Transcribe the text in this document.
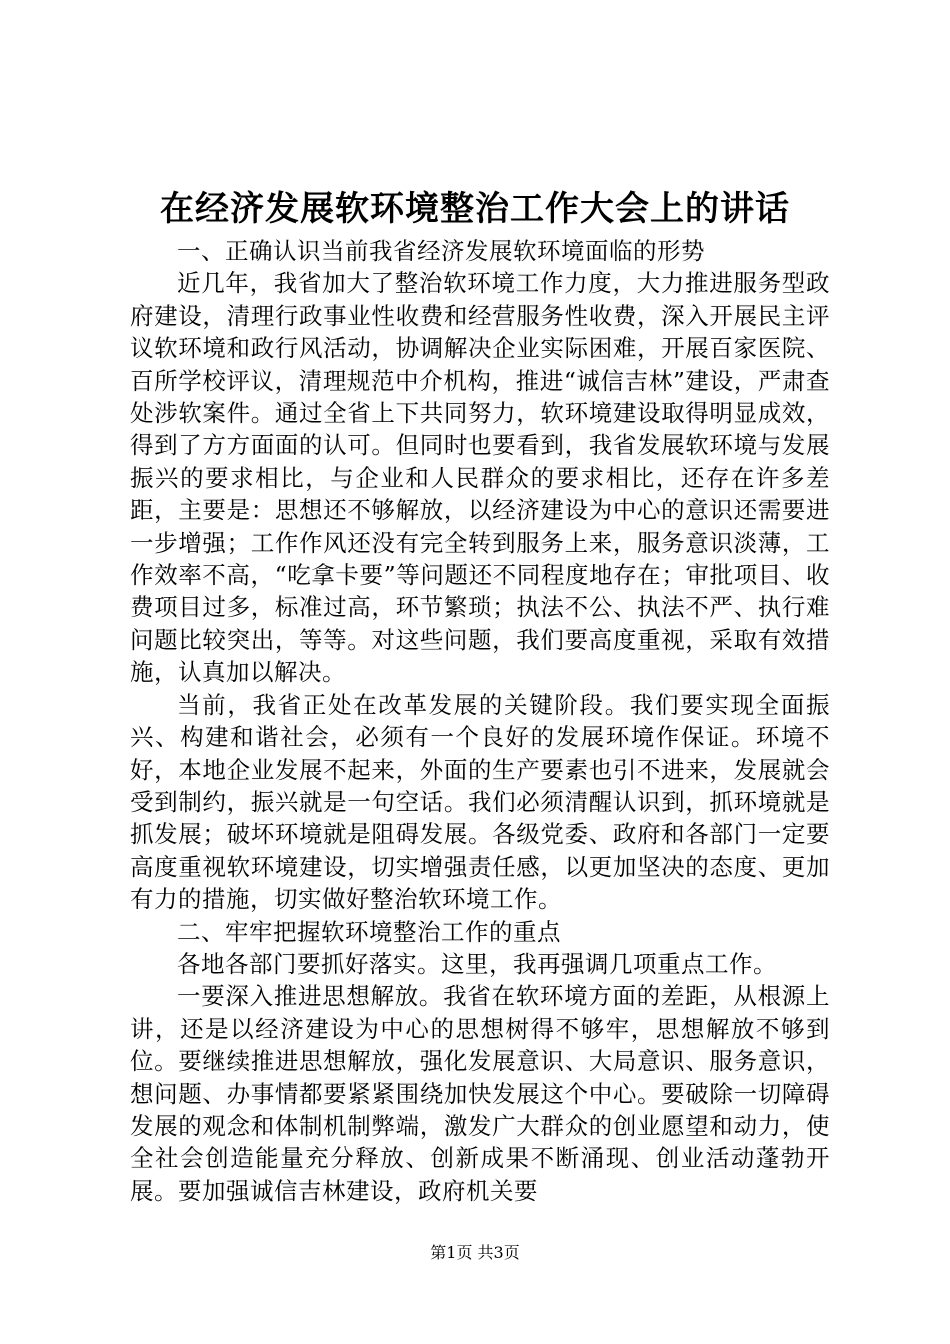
在经济发展软环境整治工作大会上的讲话

一、正确认识当前我省经济发展软环境面临的形势

近几年，我省加大了整治软环境工作力度，大力推进服务型政府建设，清理行政事业性收费和经营服务性收费，深入开展民主评议软环境和政行风活动，协调解决企业实际困难，开展百家医院、百所学校评议，清理规范中介机构，推进“诚信吉林”建设，严肃查处涉软案件。通过全省上下共同努力，软环境建设取得明显成效，得到了方方面面的认可。但同时也要看到，我省发展软环境与发展振兴的要求相比，与企业和人民群众的要求相比，还存在许多差距，主要是：思想还不够解放，以经济建设为中心的意识还需要进一步增强；工作作风还没有完全转到服务上来，服务意识淡薄，工作效率不高，“吃拿卡要”等问题还不同程度地存在；审批项目、收费项目过多，标准过高，环节繁琐；执法不公、执法不严、执行难问题比较突出，等等。对这些问题，我们要高度重视，采取有效措施，认真加以解决。

当前，我省正处在改革发展的关键阶段。我们要实现全面振兴、构建和谐社会，必须有一个良好的发展环境作保证。环境不好，本地企业发展不起来，外面的生产要素也引不进来，发展就会受到制约，振兴就是一句空话。我们必须清醒认识到，抓环境就是抓发展；破坏环境就是阻碍发展。各级党委、政府和各部门一定要高度重视软环境建设，切实增强责任感，以更加坚决的态度、更加有力的措施，切实做好整治软环境工作。

二、牢牢把握软环境整治工作的重点

各地各部门要抓好落实。这里，我再强调几项重点工作。

一要深入推进思想解放。我省在软环境方面的差距，从根源上讲，还是以经济建设为中心的思想树得不够牢，思想解放不够到位。要继续推进思想解放，强化发展意识、大局意识、服务意识，想问题、办事情都要紧紧围绕加快发展这个中心。要破除一切障碍发展的观念和体制机制弊端，激发广大群众的创业愿望和动力，使全社会创造能量充分释放、创新成果不断涌现、创业活动蓬勃开展。要加强诚信吉林建设，政府机关要

第1页 共3页
